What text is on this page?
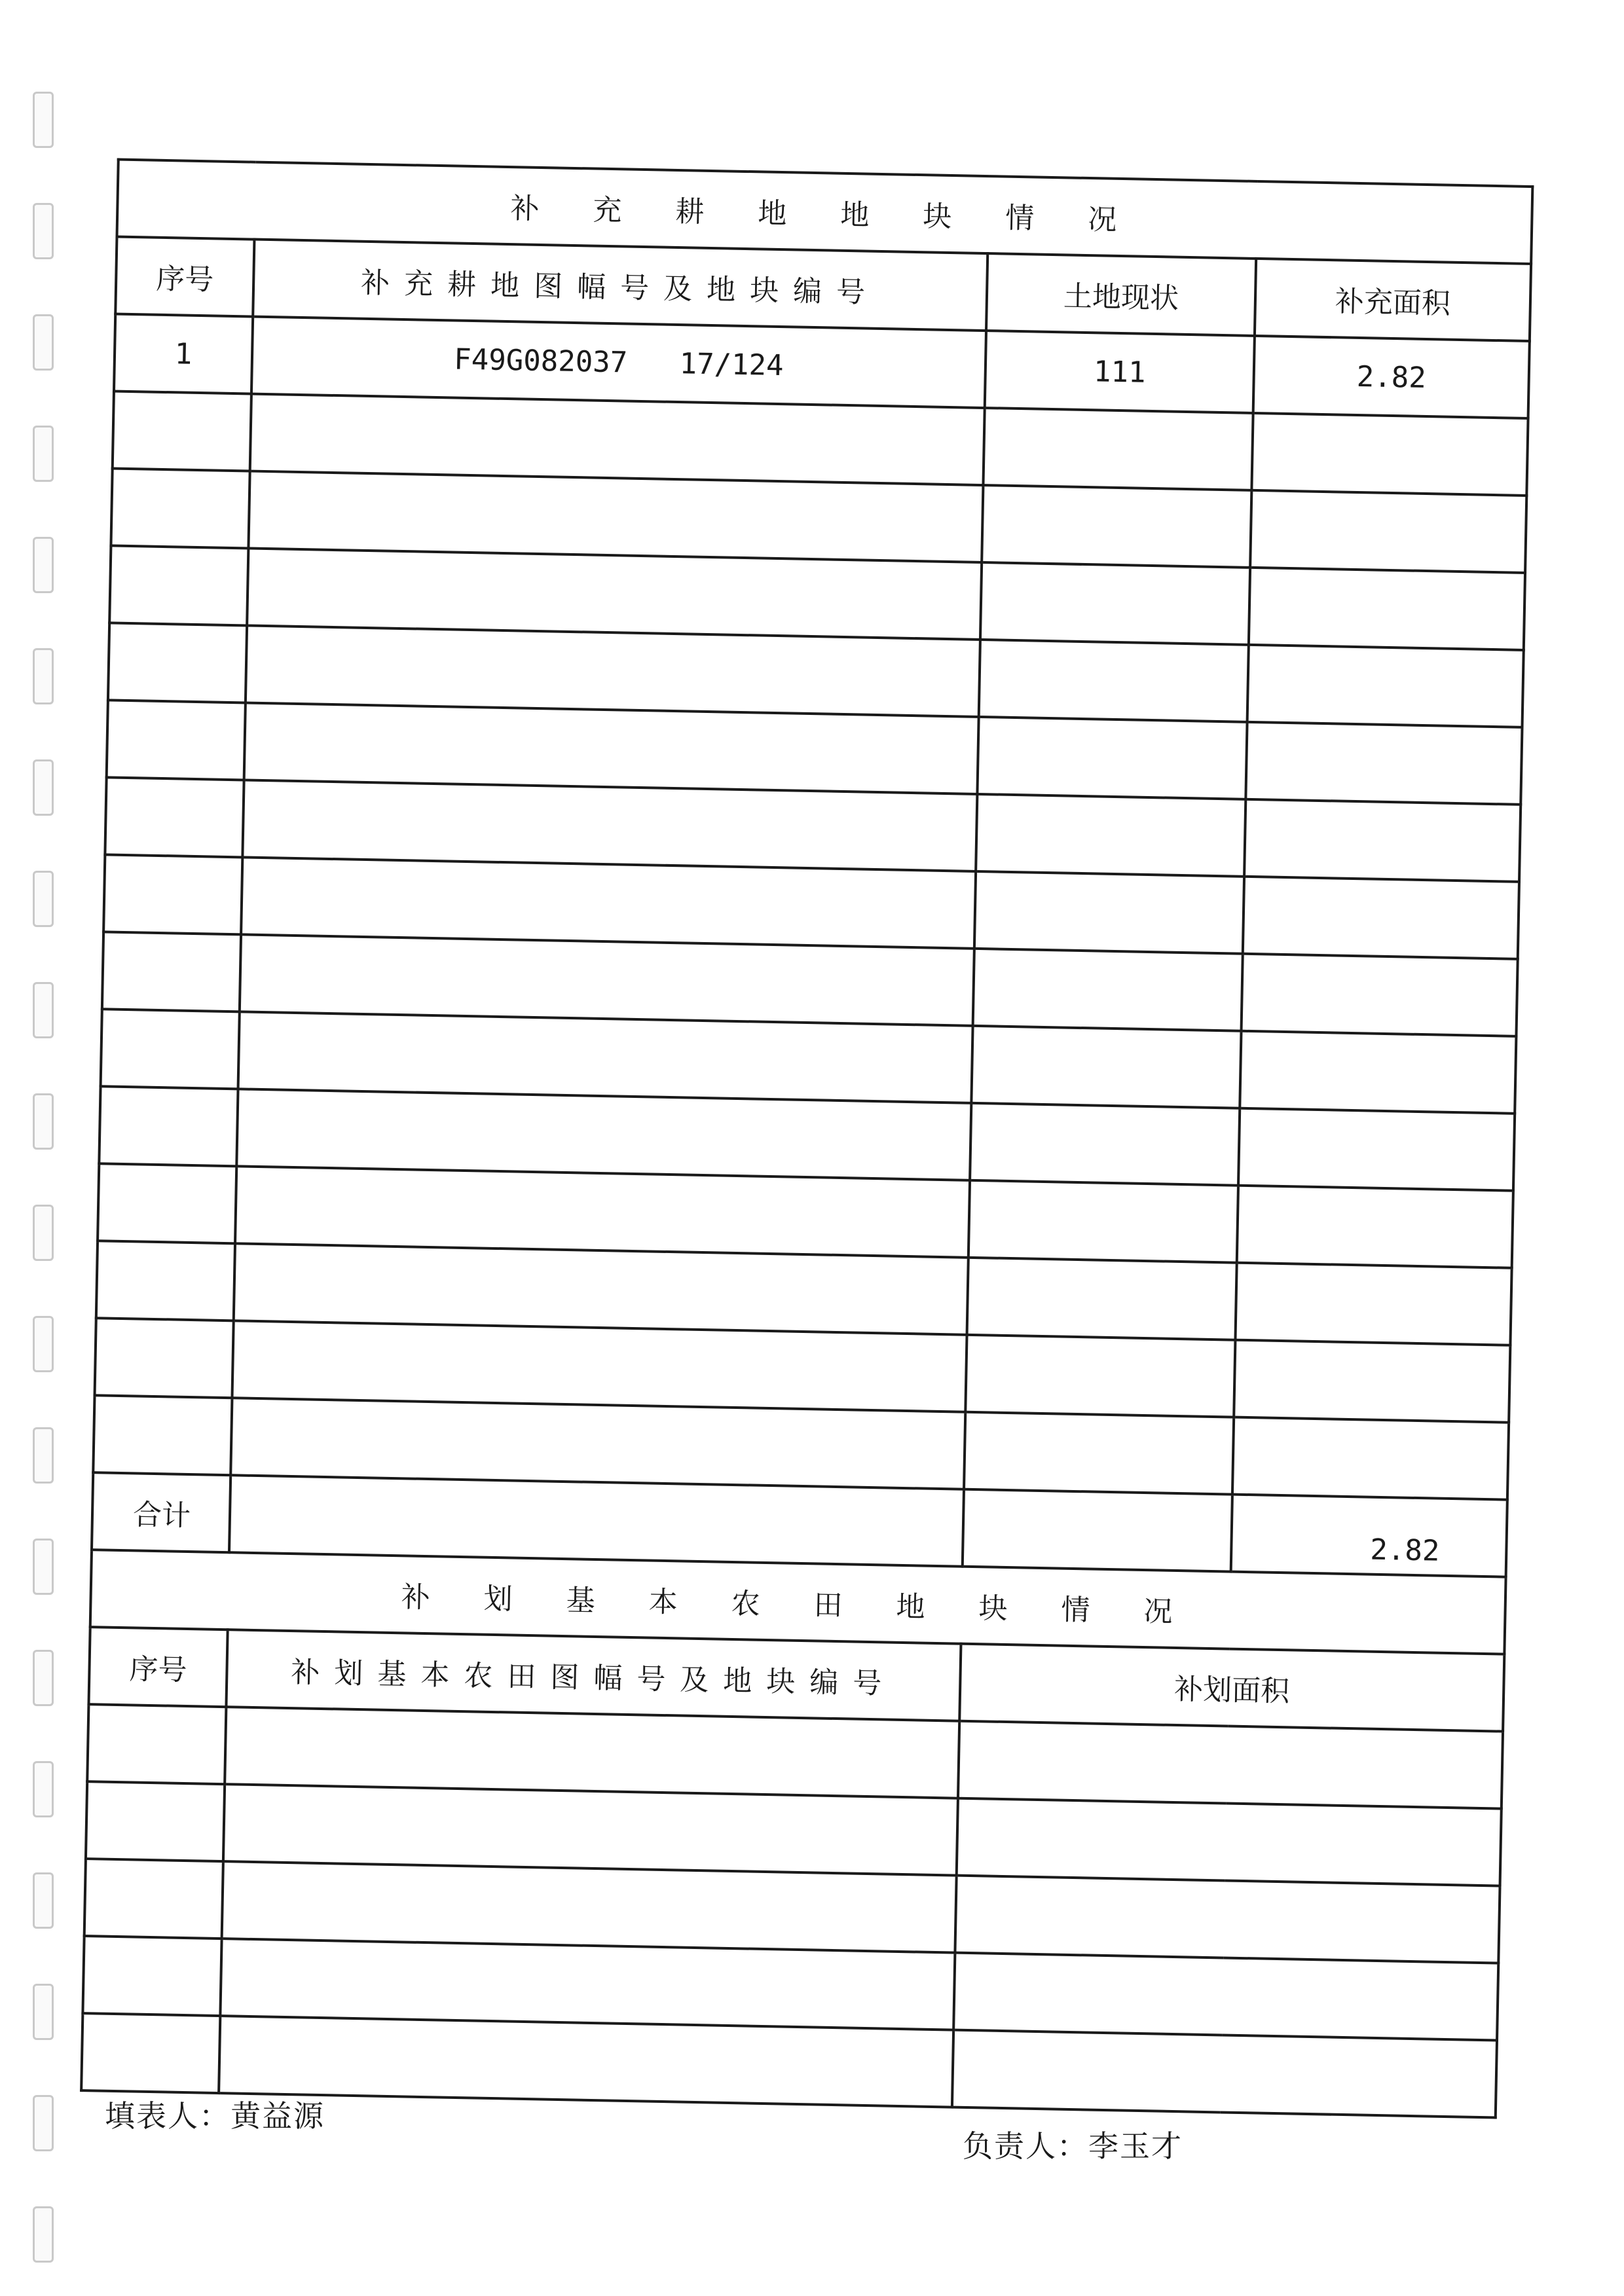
补 充 耕 地 地 块 情 况			
序号	补充耕地图幅号及地块编号	土地现状	补充面积
1	F49G082037   17/124	111	2.82

合计			2.82
补 划 基 本 农 田 地 块 情 况			
序号	补划基本农田图幅号及地块编号	补划面积	

填表人：黄益源
负责人：李玉才
